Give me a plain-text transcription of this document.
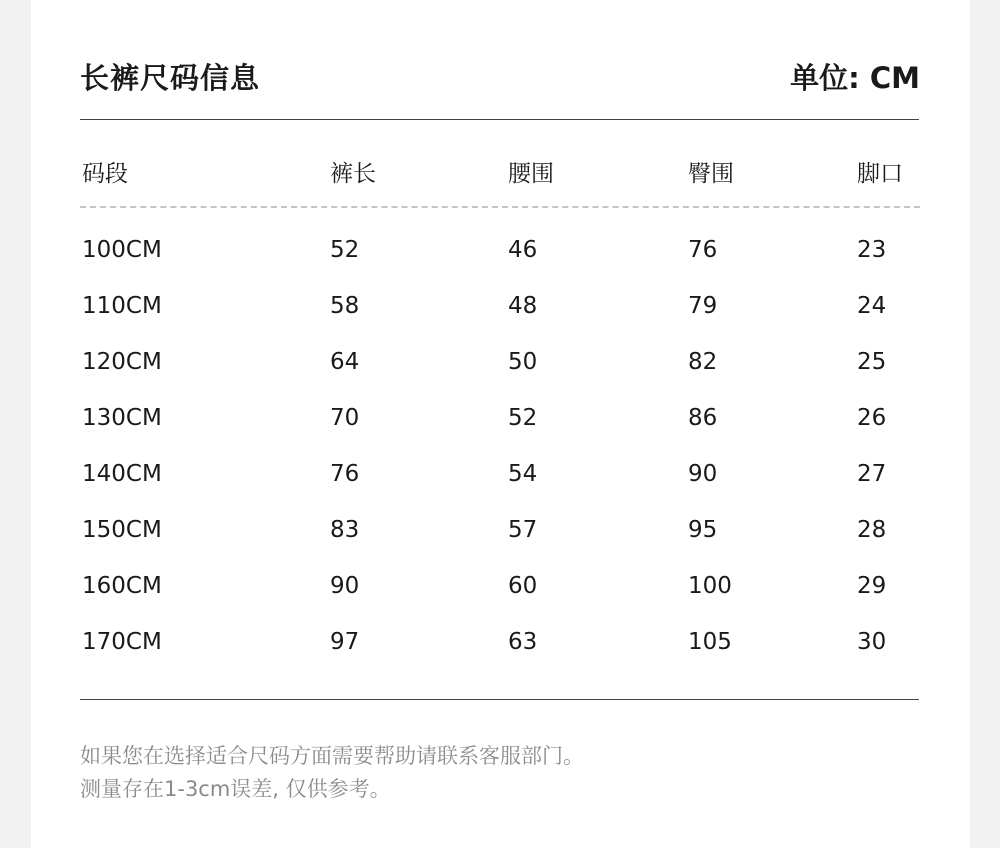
长裤尺码信息	单位: CM
码段	裤长	腰围	臀围	脚口
100CM	52	46	76	23
110CM	58	48	79	24
120CM	64	50	82	25
130CM	70	52	86	26
140CM	76	54	90	27
150CM	83	57	95	28
160CM	90	60	100	29
170CM	97	63	105	30
如果您在选择适合尺码方面需要帮助请联系客服部门。
测量存在1-3cm误差, 仅供参考。
